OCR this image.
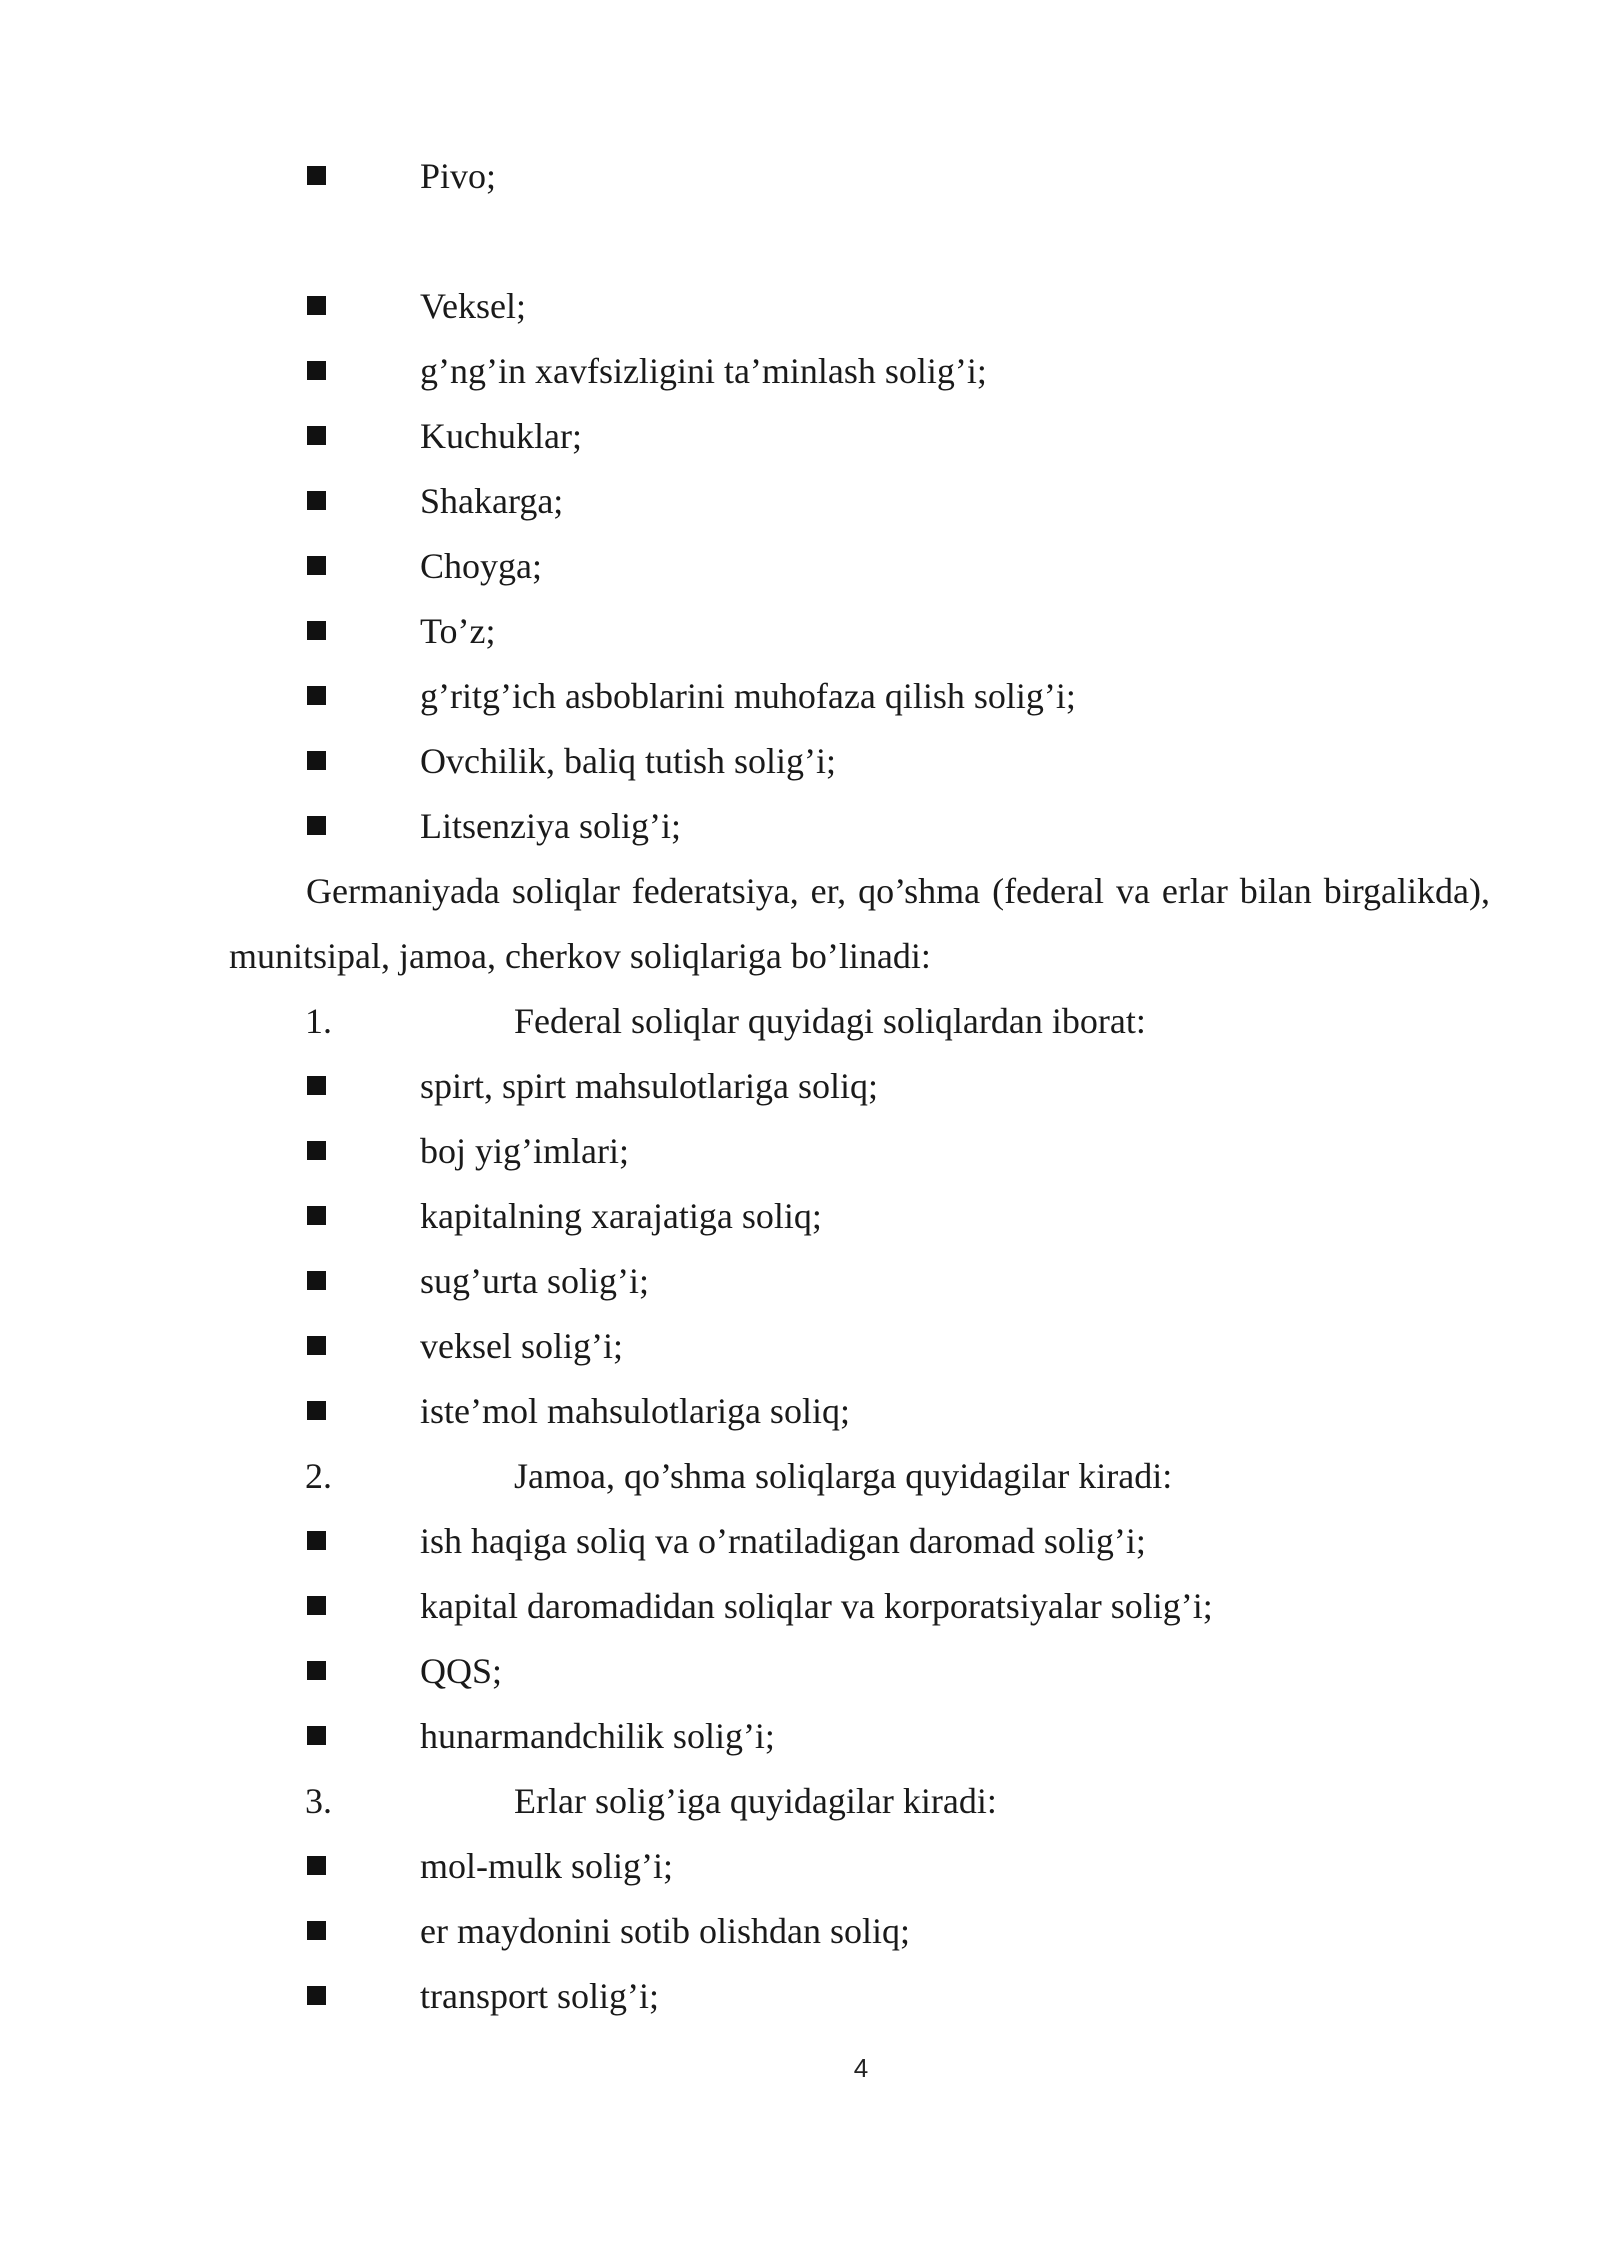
Pivo;
Veksel;
g’ng’in xavfsizligini ta’minlash solig’i;
Kuchuklar;
Shakarga;
Choyga;
To’z;
g’ritg’ich asboblarini muhofaza qilish solig’i;
Ovchilik, baliq tutish solig’i;
Litsenziya solig’i;
Germaniyada soliqlar federatsiya, er, qo’shma (federal va erlar bilan birgalikda), munitsipal, jamoa, cherkov soliqlariga bo’linadi:
1.	Federal soliqlar quyidagi soliqlardan iborat:
spirt, spirt mahsulotlariga soliq;
boj yig’imlari;
kapitalning xarajatiga soliq;
sug’urta solig’i;
veksel solig’i;
iste’mol mahsulotlariga soliq;
2.	Jamoa, qo’shma soliqlarga quyidagilar kiradi:
ish haqiga soliq va o’rnatiladigan daromad solig’i;
kapital daromadidan soliqlar va korporatsiyalar solig’i;
QQS;
hunarmandchilik solig’i;
3.	Erlar solig’iga quyidagilar kiradi:
mol-mulk solig’i;
er maydonini sotib olishdan soliq;
transport solig’i;
4
